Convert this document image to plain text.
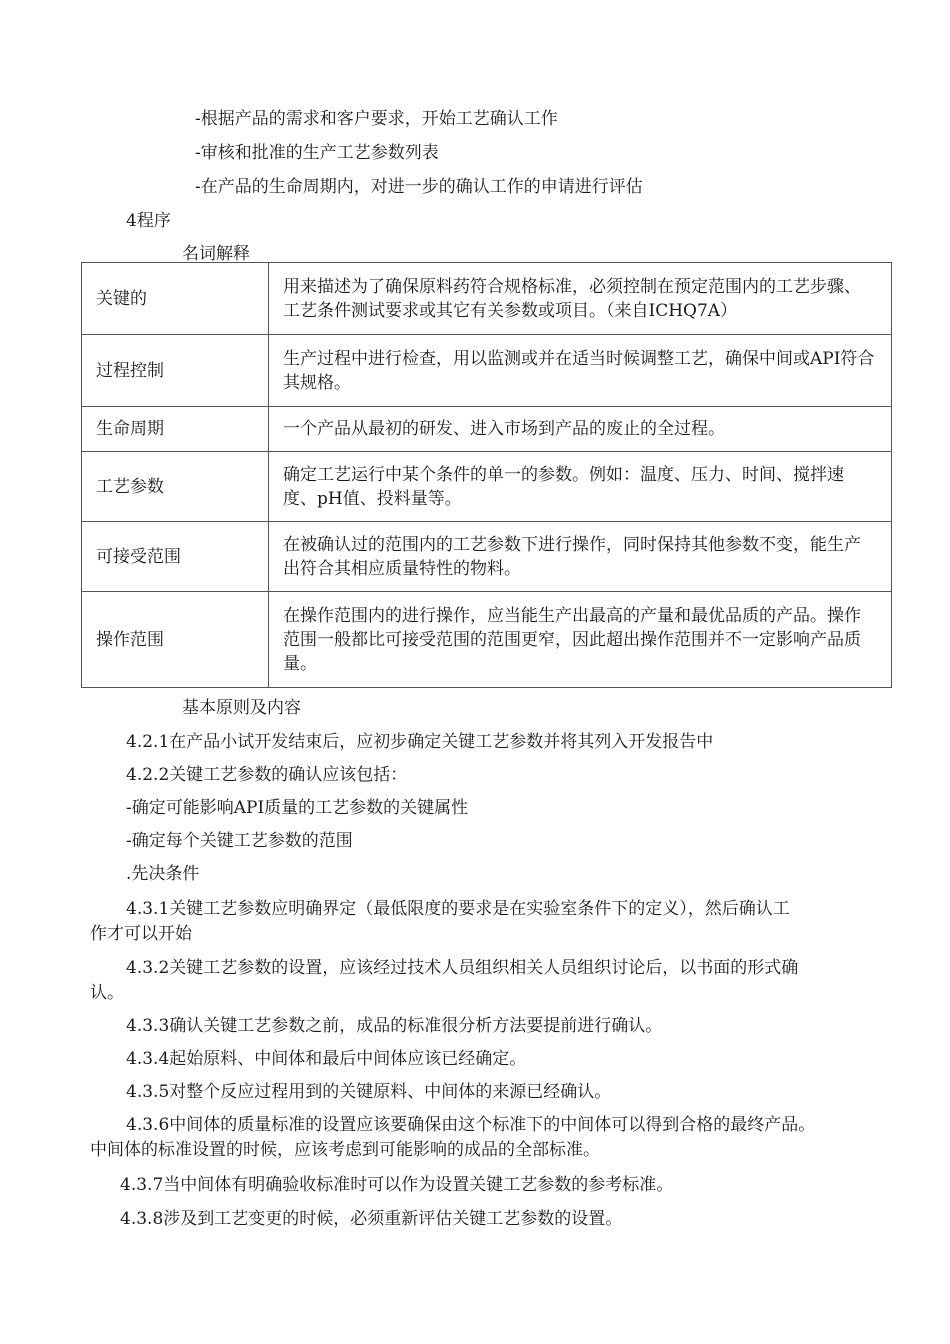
-根据产品的需求和客户要求，开始工艺确认工作
-审核和批准的生产工艺参数列表
-在产品的生命周期内，对进一步的确认工作的申请进行评估
4程序
名词解释
关键的	用来描述为了确保原料药符合规格标准，必须控制在预定范围内的工艺步骤、工艺条件测试要求或其它有关参数或项目。（来自ICHQ7A）
过程控制	生产过程中进行检查，用以监测或并在适当时候调整工艺，确保中间或API符合其规格。
生命周期	一个产品从最初的研发、进入市场到产品的废止的全过程。
工艺参数	确定工艺运行中某个条件的单一的参数。例如：温度、压力、时间、搅拌速度、pH值、投料量等。
可接受范围	在被确认过的范围内的工艺参数下进行操作，同时保持其他参数不变，能生产出符合其相应质量特性的物料。
操作范围	在操作范围内的进行操作，应当能生产出最高的产量和最优品质的产品。操作范围一般都比可接受范围的范围更窄，因此超出操作范围并不一定影响产品质量。
基本原则及内容
4.2.1在产品小试开发结束后，应初步确定关键工艺参数并将其列入开发报告中
4.2.2关键工艺参数的确认应该包括：
-确定可能影响API质量的工艺参数的关键属性
-确定每个关键工艺参数的范围
.先决条件
4.3.1关键工艺参数应明确界定（最低限度的要求是在实验室条件下的定义），然后确认工
作才可以开始
4.3.2关键工艺参数的设置，应该经过技术人员组织相关人员组织讨论后，以书面的形式确
认。
4.3.3确认关键工艺参数之前，成品的标准很分析方法要提前进行确认。
4.3.4起始原料、中间体和最后中间体应该已经确定。
4.3.5对整个反应过程用到的关键原料、中间体的来源已经确认。
4.3.6中间体的质量标准的设置应该要确保由这个标准下的中间体可以得到合格的最终产品。
中间体的标准设置的时候，应该考虑到可能影响的成品的全部标准。
4.3.7当中间体有明确验收标准时可以作为设置关键工艺参数的参考标准。
4.3.8涉及到工艺变更的时候，必须重新评估关键工艺参数的设置。
